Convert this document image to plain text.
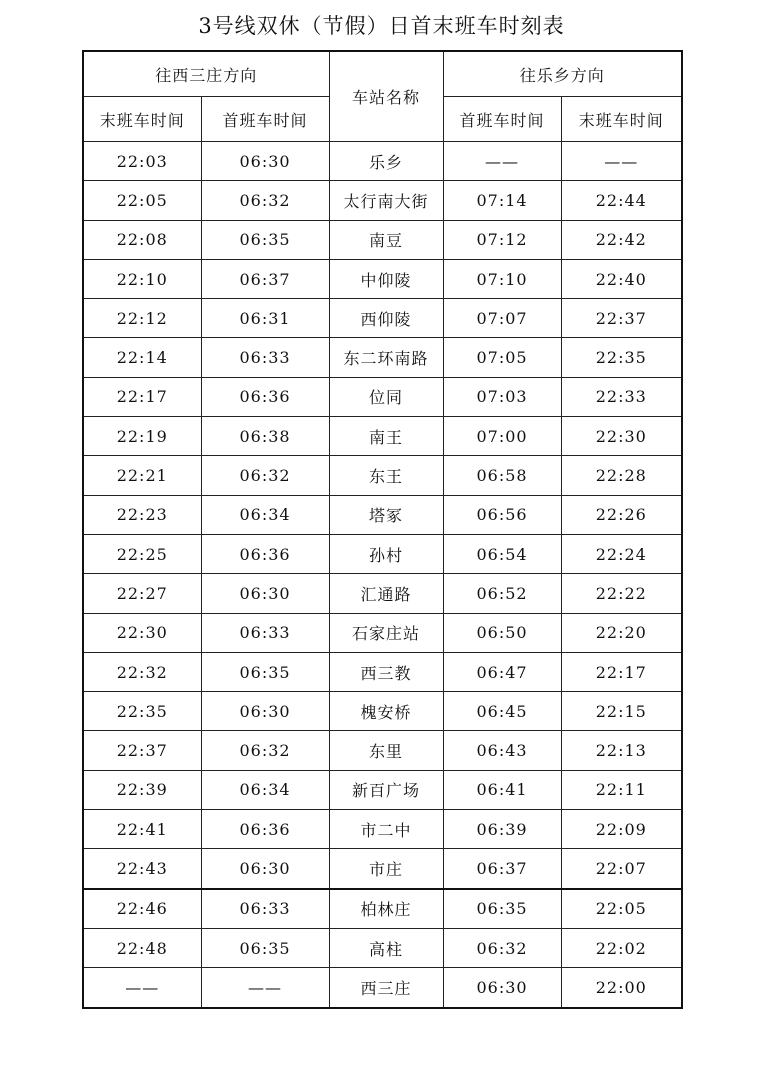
3号线双休（节假）日首末班车时刻表
往西三庄方向		车站名称	往乐乡方向	
末班车时间	首班车时间		首班车时间	末班车时间
22:03	06:30	乐乡	——	——
22:05	06:32	太行南大街	07:14	22:44
22:08	06:35	南豆	07:12	22:42
22:10	06:37	中仰陵	07:10	22:40
22:12	06:31	西仰陵	07:07	22:37
22:14	06:33	东二环南路	07:05	22:35
22:17	06:36	位同	07:03	22:33
22:19	06:38	南王	07:00	22:30
22:21	06:32	东王	06:58	22:28
22:23	06:34	塔冢	06:56	22:26
22:25	06:36	孙村	06:54	22:24
22:27	06:30	汇通路	06:52	22:22
22:30	06:33	石家庄站	06:50	22:20
22:32	06:35	西三教	06:47	22:17
22:35	06:30	槐安桥	06:45	22:15
22:37	06:32	东里	06:43	22:13
22:39	06:34	新百广场	06:41	22:11
22:41	06:36	市二中	06:39	22:09
22:43	06:30	市庄	06:37	22:07
22:46	06:33	柏林庄	06:35	22:05
22:48	06:35	高柱	06:32	22:02
——	——	西三庄	06:30	22:00
